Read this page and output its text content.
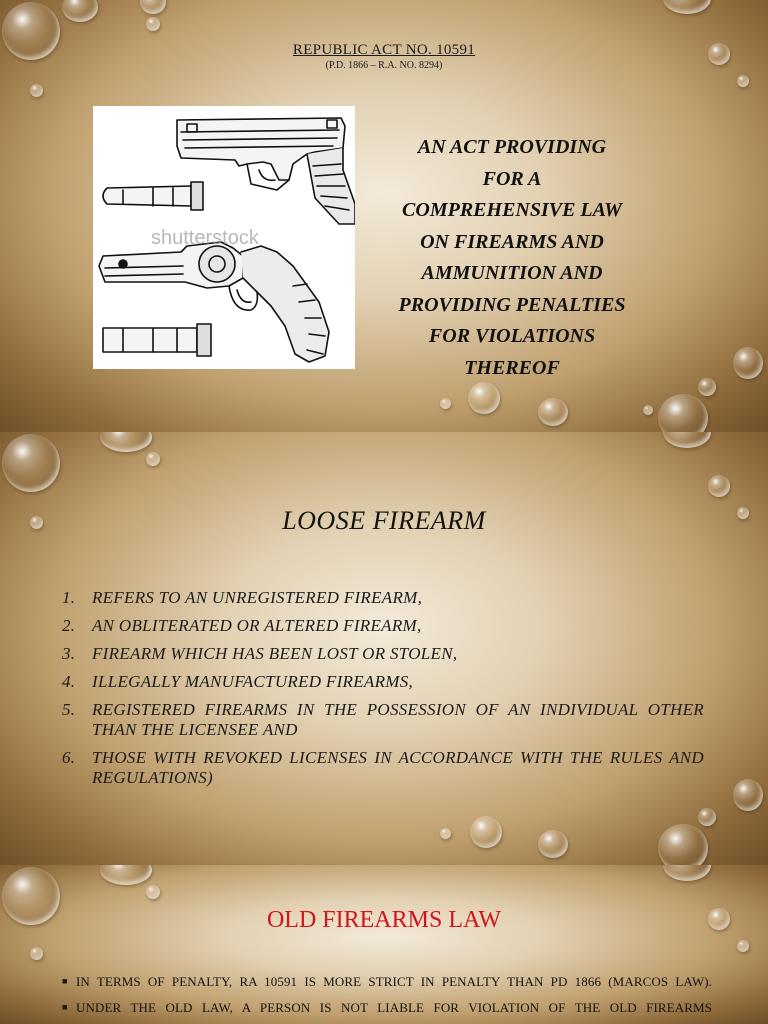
REPUBLIC ACT NO. 10591
(P.D. 1866 – R.A. NO. 8294)
shutterstock
AN ACT PROVIDING
FOR A
COMPREHENSIVE LAW
ON FIREARMS AND
AMMUNITION AND
PROVIDING PENALTIES
FOR VIOLATIONS
THEREOF
LOOSE FIREARM
1. REFERS TO AN UNREGISTERED FIREARM,
2. AN OBLITERATED OR ALTERED FIREARM,
3. FIREARM WHICH HAS BEEN LOST OR STOLEN,
4. ILLEGALLY MANUFACTURED FIREARMS,
5. REGISTERED FIREARMS IN THE POSSESSION OF AN INDIVIDUAL OTHER THAN THE LICENSEE AND
6. THOSE WITH REVOKED LICENSES IN ACCORDANCE WITH THE RULES AND REGULATIONS)
OLD FIREARMS LAW
■ IN TERMS OF PENALTY, RA 10591 IS MORE STRICT IN PENALTY THAN PD 1866 (MARCOS LAW).
■ UNDER THE OLD LAW, A PERSON IS NOT LIABLE FOR VIOLATION OF THE OLD FIREARMS
